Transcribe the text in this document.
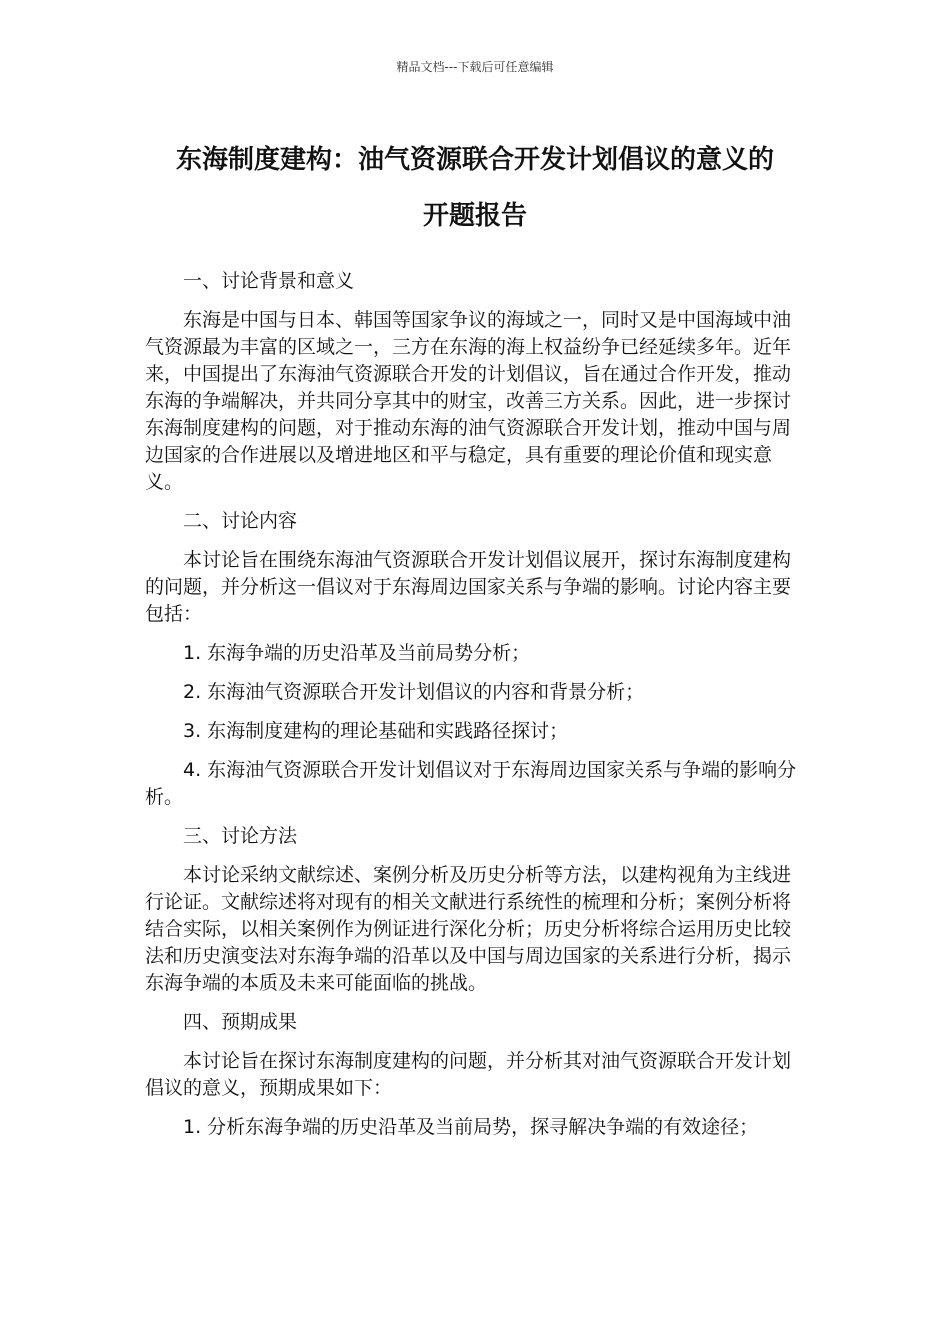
精品文档---下载后可任意编辑
东海制度建构：油气资源联合开发计划倡议的意义的
开题报告

一、讨论背景和意义

东海是中国与日本、韩国等国家争议的海域之一，同时又是中国海域中油气资源最为丰富的区域之一，三方在东海的海上权益纷争已经延续多年。近年来，中国提出了东海油气资源联合开发的计划倡议，旨在通过合作开发，推动东海的争端解决，并共同分享其中的财宝，改善三方关系。因此，进一步探讨东海制度建构的问题，对于推动东海的油气资源联合开发计划，推动中国与周边国家的合作进展以及增进地区和平与稳定，具有重要的理论价值和现实意义。

二、讨论内容

本讨论旨在围绕东海油气资源联合开发计划倡议展开，探讨东海制度建构的问题，并分析这一倡议对于东海周边国家关系与争端的影响。讨论内容主要包括：

1. 东海争端的历史沿革及当前局势分析；

2. 东海油气资源联合开发计划倡议的内容和背景分析；

3. 东海制度建构的理论基础和实践路径探讨；

4. 东海油气资源联合开发计划倡议对于东海周边国家关系与争端的影响分析。

三、讨论方法

本讨论采纳文献综述、案例分析及历史分析等方法，以建构视角为主线进行论证。文献综述将对现有的相关文献进行系统性的梳理和分析；案例分析将结合实际，以相关案例作为例证进行深化分析；历史分析将综合运用历史比较法和历史演变法对东海争端的沿革以及中国与周边国家的关系进行分析，揭示东海争端的本质及未来可能面临的挑战。

四、预期成果

本讨论旨在探讨东海制度建构的问题，并分析其对油气资源联合开发计划倡议的意义，预期成果如下：

1. 分析东海争端的历史沿革及当前局势，探寻解决争端的有效途径；
